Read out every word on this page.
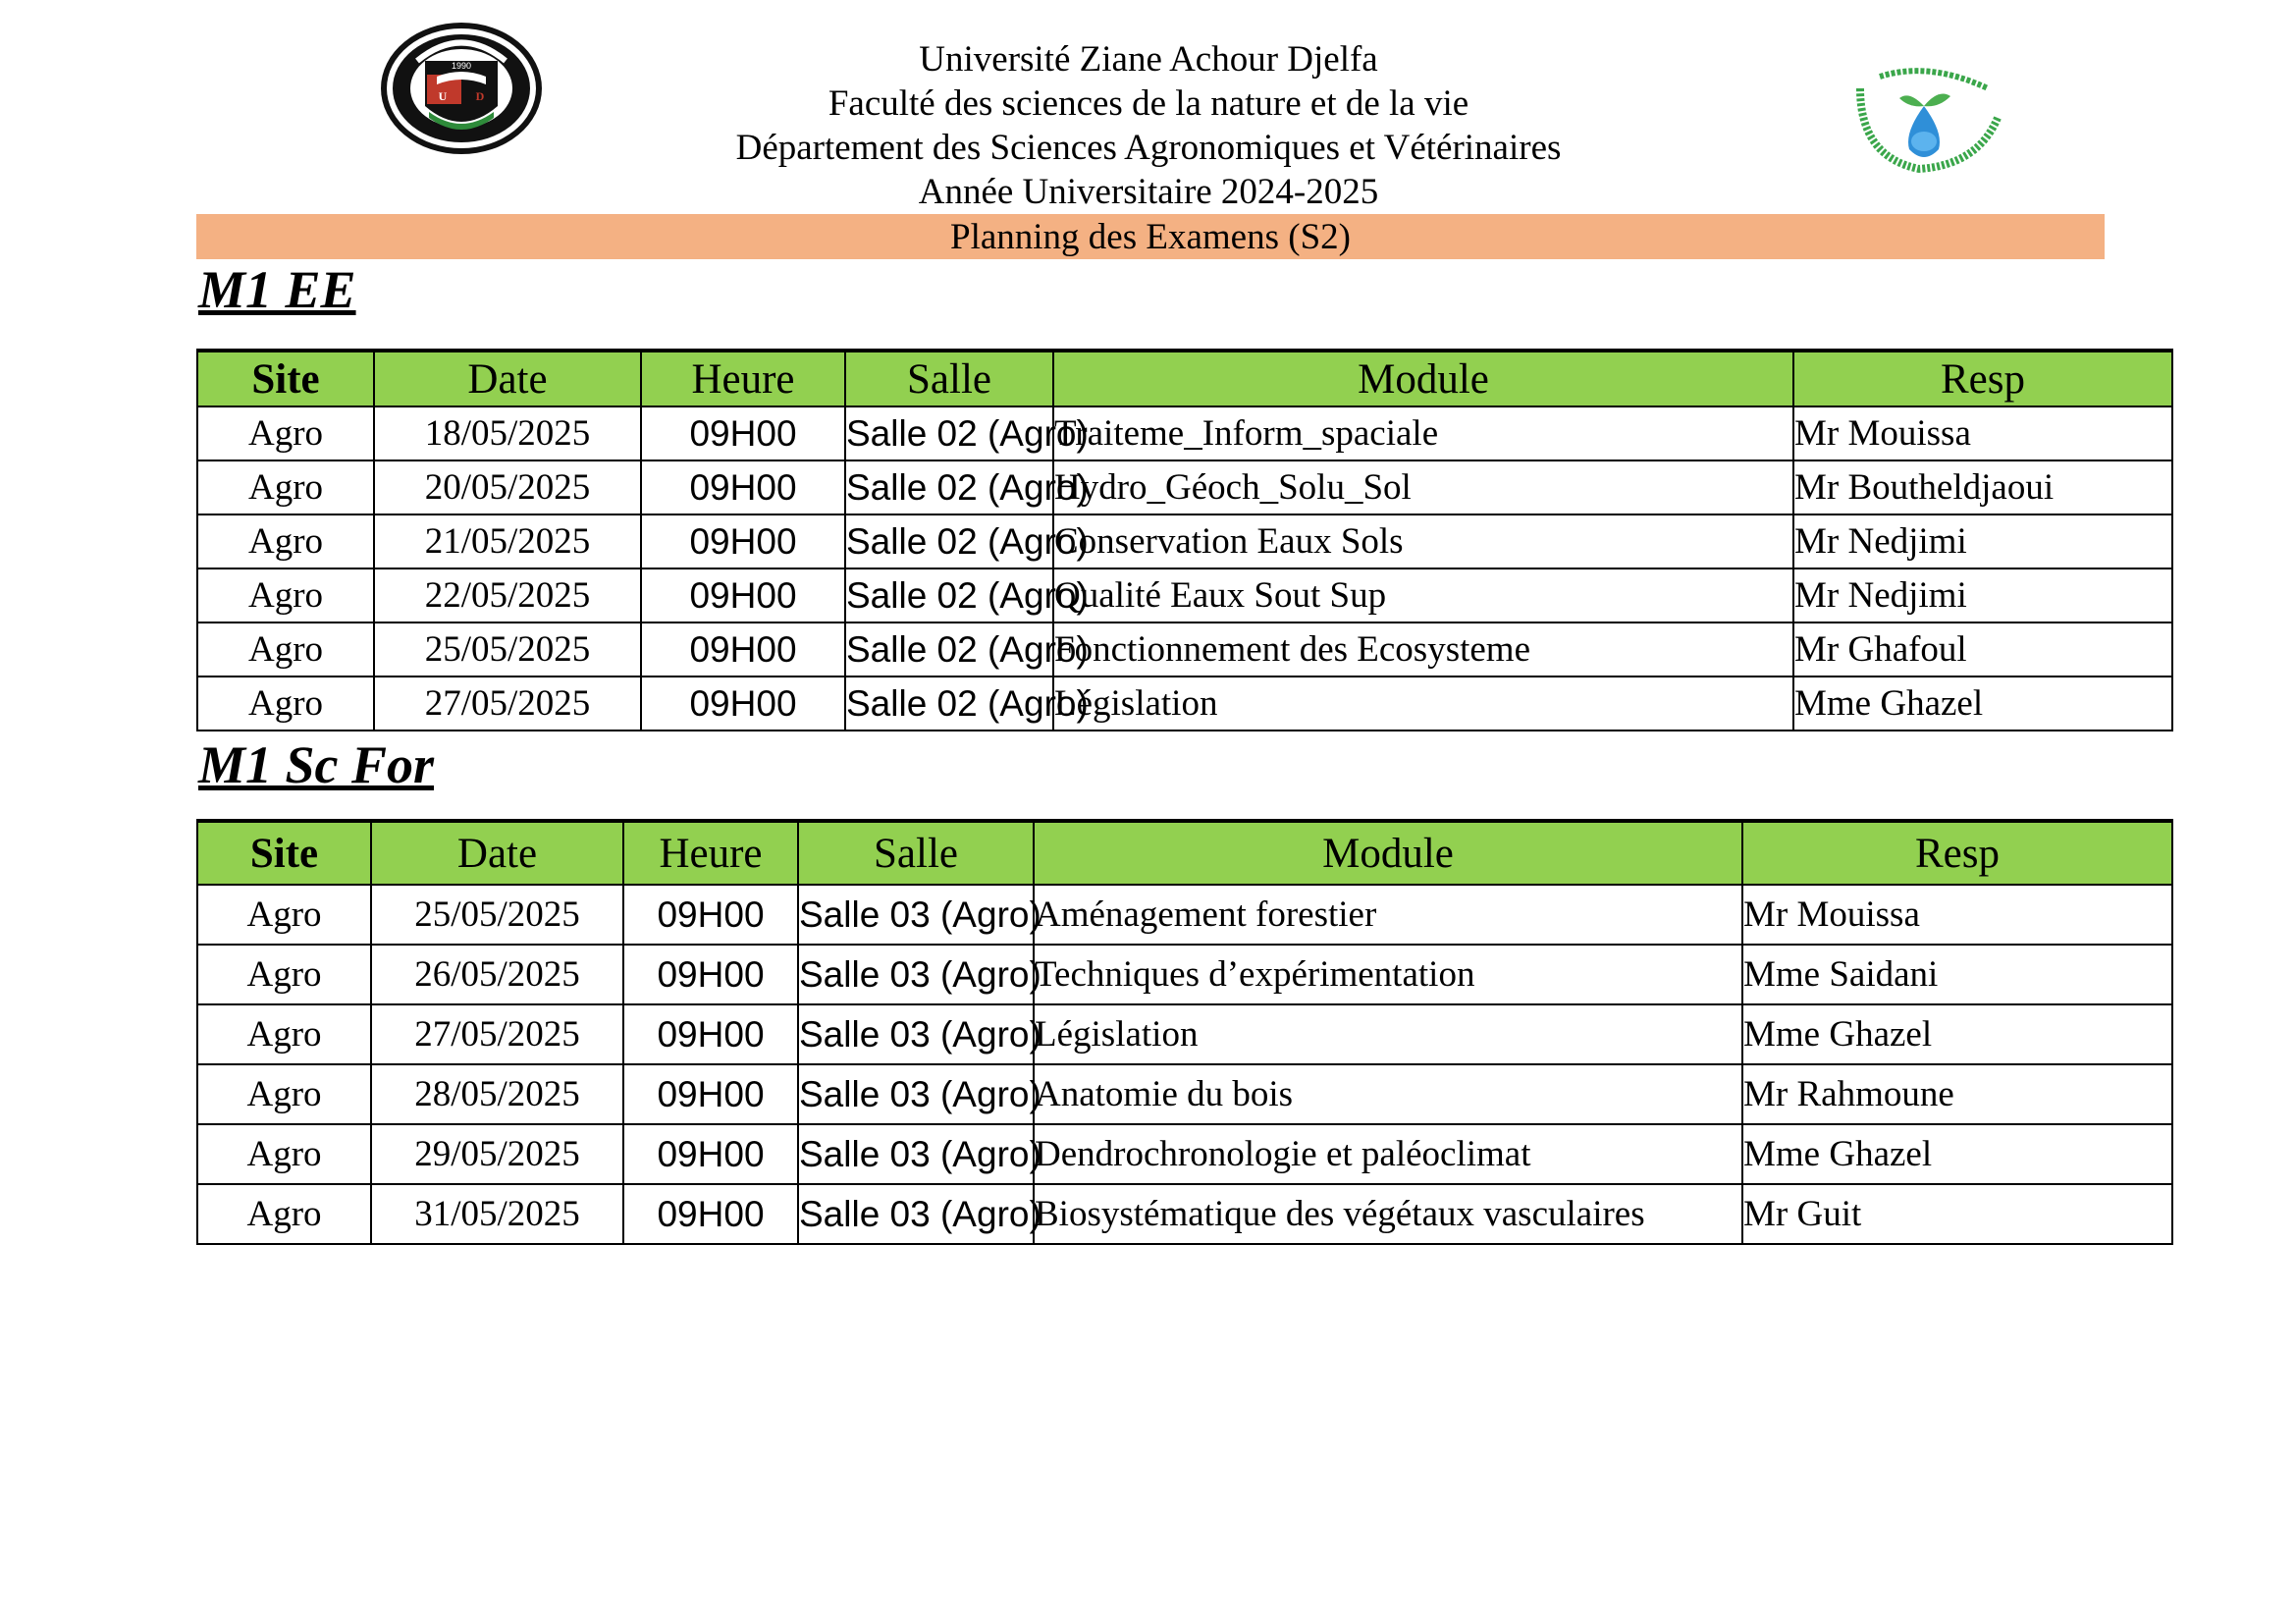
1990
U D
Université Ziane Achour Djelfa
Faculté des sciences de la nature et de la vie
Département des Sciences Agronomiques et Vétérinaires
Année Universitaire 2024-2025
Planning des Examens (S2)
M1 EE
Site	Date	Heure	Salle	Module	Resp
Agro	18/05/2025	09H00	Salle 02 (Agro)	Traiteme_Inform_spaciale	Mr Mouissa
Agro	20/05/2025	09H00	Salle 02 (Agro)	Hydro_Géoch_Solu_Sol	Mr Boutheldjaoui
Agro	21/05/2025	09H00	Salle 02 (Agro)	Conservation Eaux Sols	Mr Nedjimi
Agro	22/05/2025	09H00	Salle 02 (Agro)	Qualité Eaux Sout Sup	Mr Nedjimi
Agro	25/05/2025	09H00	Salle 02 (Agro)	Fonctionnement des Ecosysteme	Mr Ghafoul
Agro	27/05/2025	09H00	Salle 02 (Agro)	Législation	Mme Ghazel
M1 Sc For
Site	Date	Heure	Salle	Module	Resp
Agro	25/05/2025	09H00	Salle 03 (Agro)	Aménagement forestier	Mr Mouissa
Agro	26/05/2025	09H00	Salle 03 (Agro)	Techniques d’expérimentation	Mme Saidani
Agro	27/05/2025	09H00	Salle 03 (Agro)	Législation	Mme Ghazel
Agro	28/05/2025	09H00	Salle 03 (Agro)	Anatomie du bois	Mr Rahmoune
Agro	29/05/2025	09H00	Salle 03 (Agro)	Dendrochronologie et paléoclimat	Mme Ghazel
Agro	31/05/2025	09H00	Salle 03 (Agro)	Biosystématique des végétaux vasculaires	Mr Guit
